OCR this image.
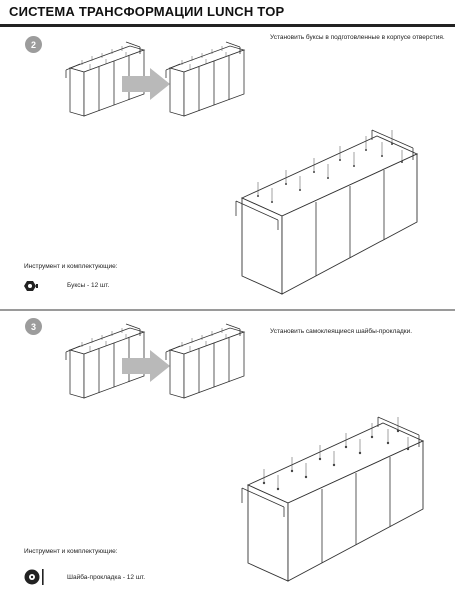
СИСТЕМА ТРАНСФОРМАЦИИ LUNCH TOP
2
Установить буксы в подготовленные в корпусе отверстия.
Инструмент и комплектующие:
Буксы - 12 шт.
3	Установить самоклеящиеся шайбы-прокладки.
Инструмент и комплектующие:
Шайба-прокладка - 12 шт.
